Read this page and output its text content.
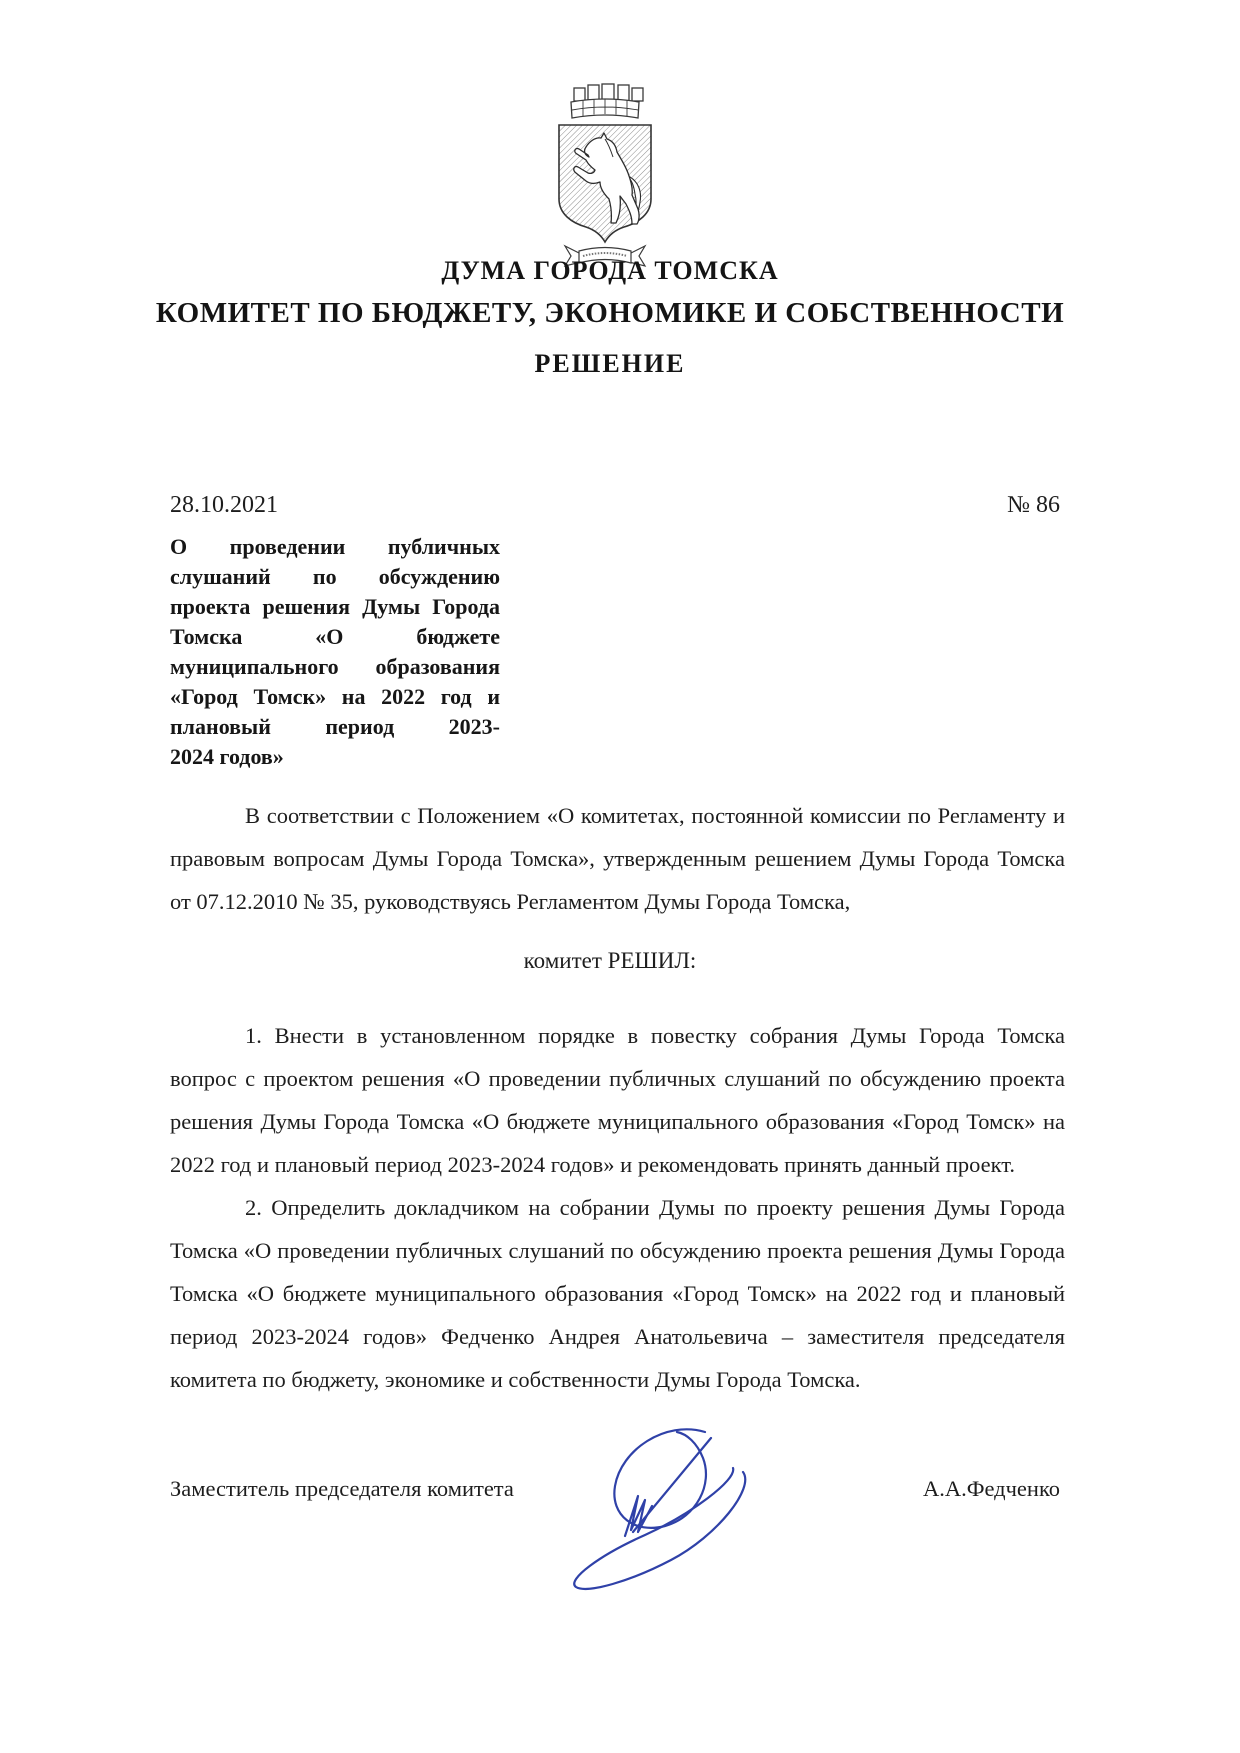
ДУМА ГОРОДА ТОМСКА
КОМИТЕТ ПО БЮДЖЕТУ, ЭКОНОМИКЕ И СОБСТВЕННОСТИ
РЕШЕНИЕ
28.10.2021	№ 86
О проведении публичных
слушаний по обсуждению
проекта решения Думы Города
Томска «О бюджете
муниципального образования
«Город Томск» на 2022 год и
плановый период 2023-
2024 годов»

В соответствии с Положением «О комитетах, постоянной комиссии по Регламенту и правовым вопросам Думы Города Томска», утвержденным решением Думы Города Томска от 07.12.2010 № 35, руководствуясь Регламентом Думы Города Томска,

комитет РЕШИЛ:

1. Внести в установленном порядке в повестку собрания Думы Города Томска вопрос с проектом решения «О проведении публичных слушаний по обсуждению проекта решения Думы Города Томска «О бюджете муниципального образования «Город Томск» на 2022 год и плановый период 2023-2024 годов» и рекомендовать принять данный проект.

2. Определить докладчиком на собрании Думы по проекту решения Думы Города Томска «О проведении публичных слушаний по обсуждению проекта решения Думы Города Томска «О бюджете муниципального образования «Город Томск» на 2022 год и плановый период 2023-2024 годов» Федченко Андрея Анатольевича – заместителя председателя комитета по бюджету, экономике и собственности Думы Города Томска.

Заместитель председателя комитета	А.А.Федченко
